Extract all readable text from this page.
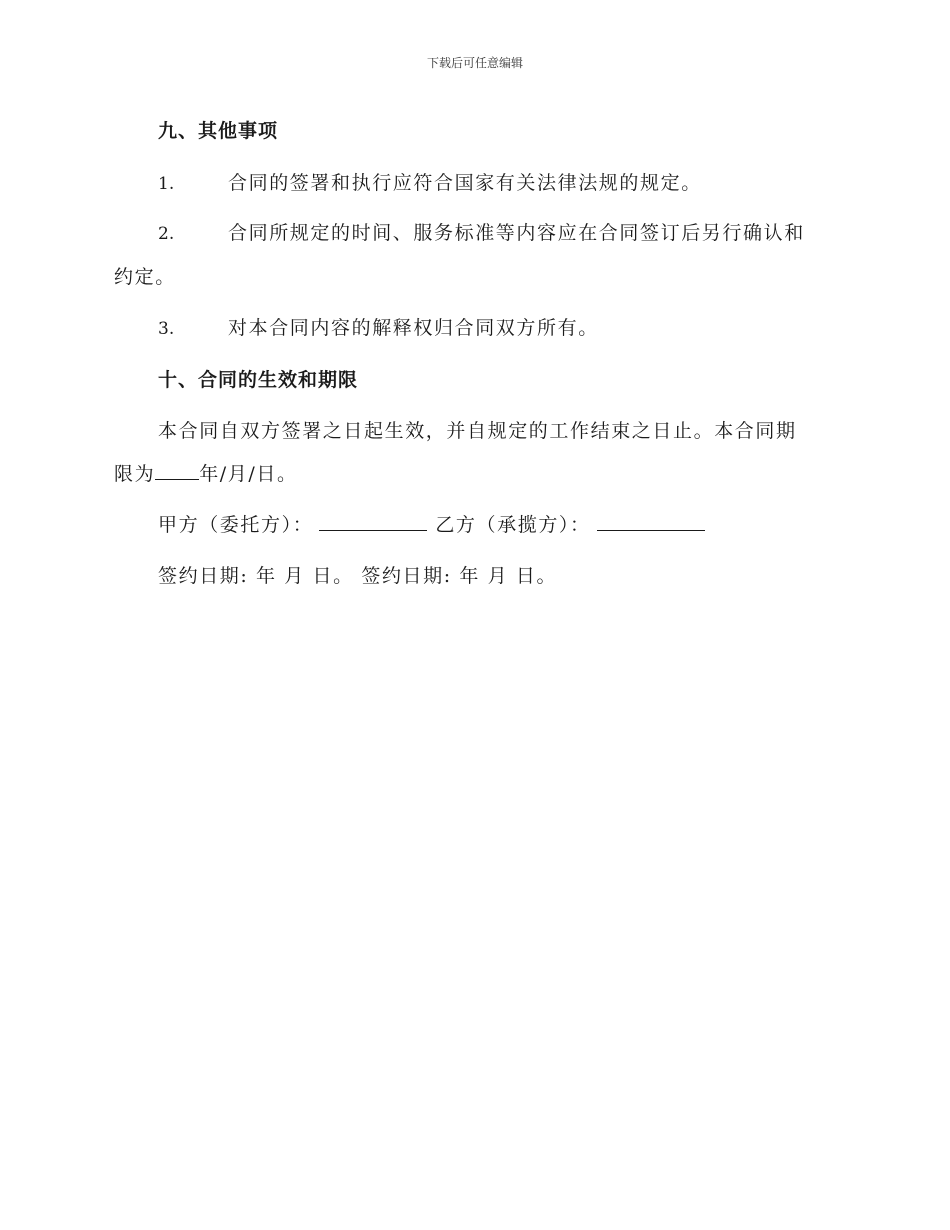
下载后可任意编辑
九、其他事项
1.	合同的签署和执行应符合国家有关法律法规的规定。
2.	合同所规定的时间、服务标准等内容应在合同签订后另行确认和
约定。
3.	对本合同内容的解释权归合同双方所有。
十、合同的生效和期限
本合同自双方签署之日起生效，并自规定的工作结束之日止。本合同期
限为 年/月/日。
甲方（委托方）：	乙方（承揽方）：
签约日期: 年 月 日。 签约日期: 年 月 日。
